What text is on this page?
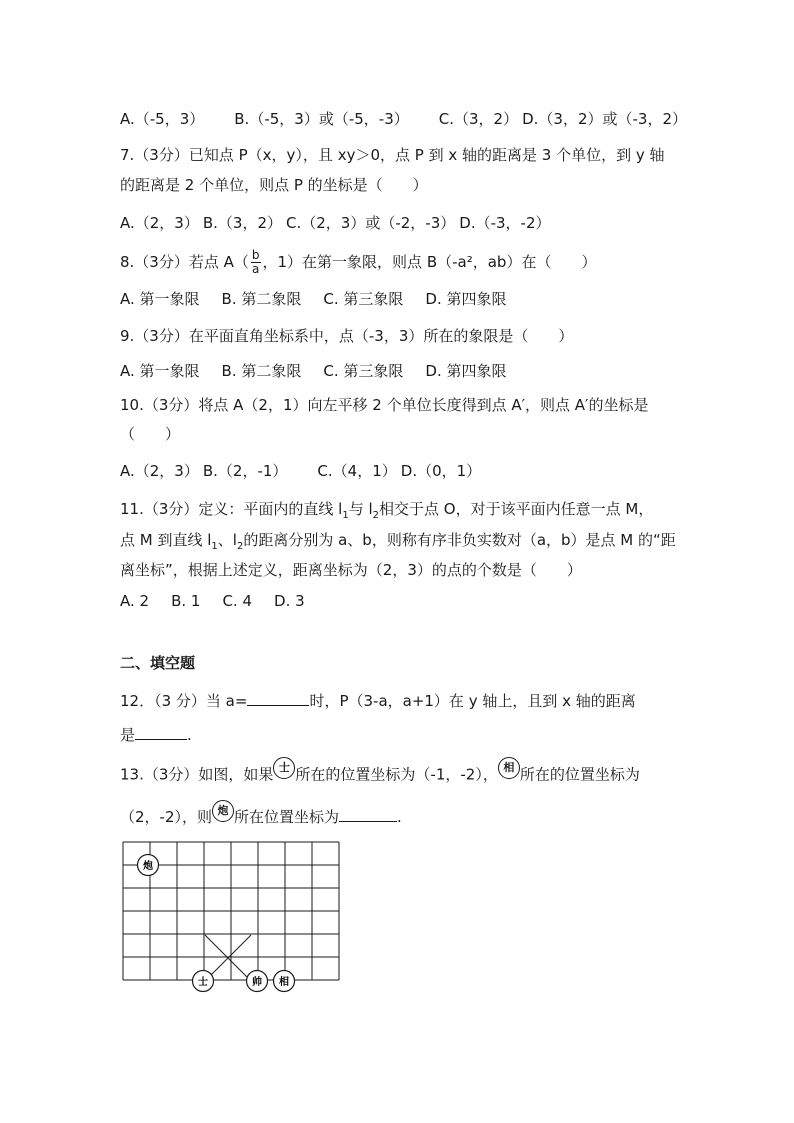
A.（-5，3） B.（-5，3）或（-5，-3） C.（3，2） D.（3，2）或（-3，2）
7.（3分）已知点 P（x，y），且 xy＞0，点 P 到 x 轴的距离是 3 个单位，到 y 轴
的距离是 2 个单位，则点 P 的坐标是（　　）
A.（2，3） B.（3，2） C.（2，3）或（-2，-3） D.（-3，-2）
8.（3分）若点 $A( \frac{b}{a}$ ，1）在第一象限，则点 B（-a²，ab）在（　　）
A. 第一象限 B. 第二象限 C. 第三象限 D. 第四象限
9.（3分）在平面直角坐标系中，点（-3，3）所在的象限是（　　）
A. 第一象限 B. 第二象限 C. 第三象限 D. 第四象限
10.（3分）将点 A（2，1）向左平移 2 个单位长度得到点 A′，则点 A′的坐标是
（　　）
A.（2，3） B.（2，-1） C.（4，1） D.（0，1）
11.（3分）定义：平面内的直线 $l_1$与 $l_2$相交于点 O，对于该平面内任意一点 M，
点 M 到直线 $l_1$、$l_2$的距离分别为 a、b，则称有序非负实数对（a，b）是点 M 的“距
离坐标”，根据上述定义，距离坐标为（2，3）的点的个数是（　　）
A. 2 B. 1 C. 4 D. 3
二、填空题
12．（3 分）当 a=	时，P（3-a，a+1）在 y 轴上，且到 x 轴的距离
是	.
13.（3分）如图，如果 士 所在的位置坐标为（-1，-2）， 相 所在的位置坐标为
（2，-2），则 炮 所在位置坐标为	.
炮
士	帅 相
